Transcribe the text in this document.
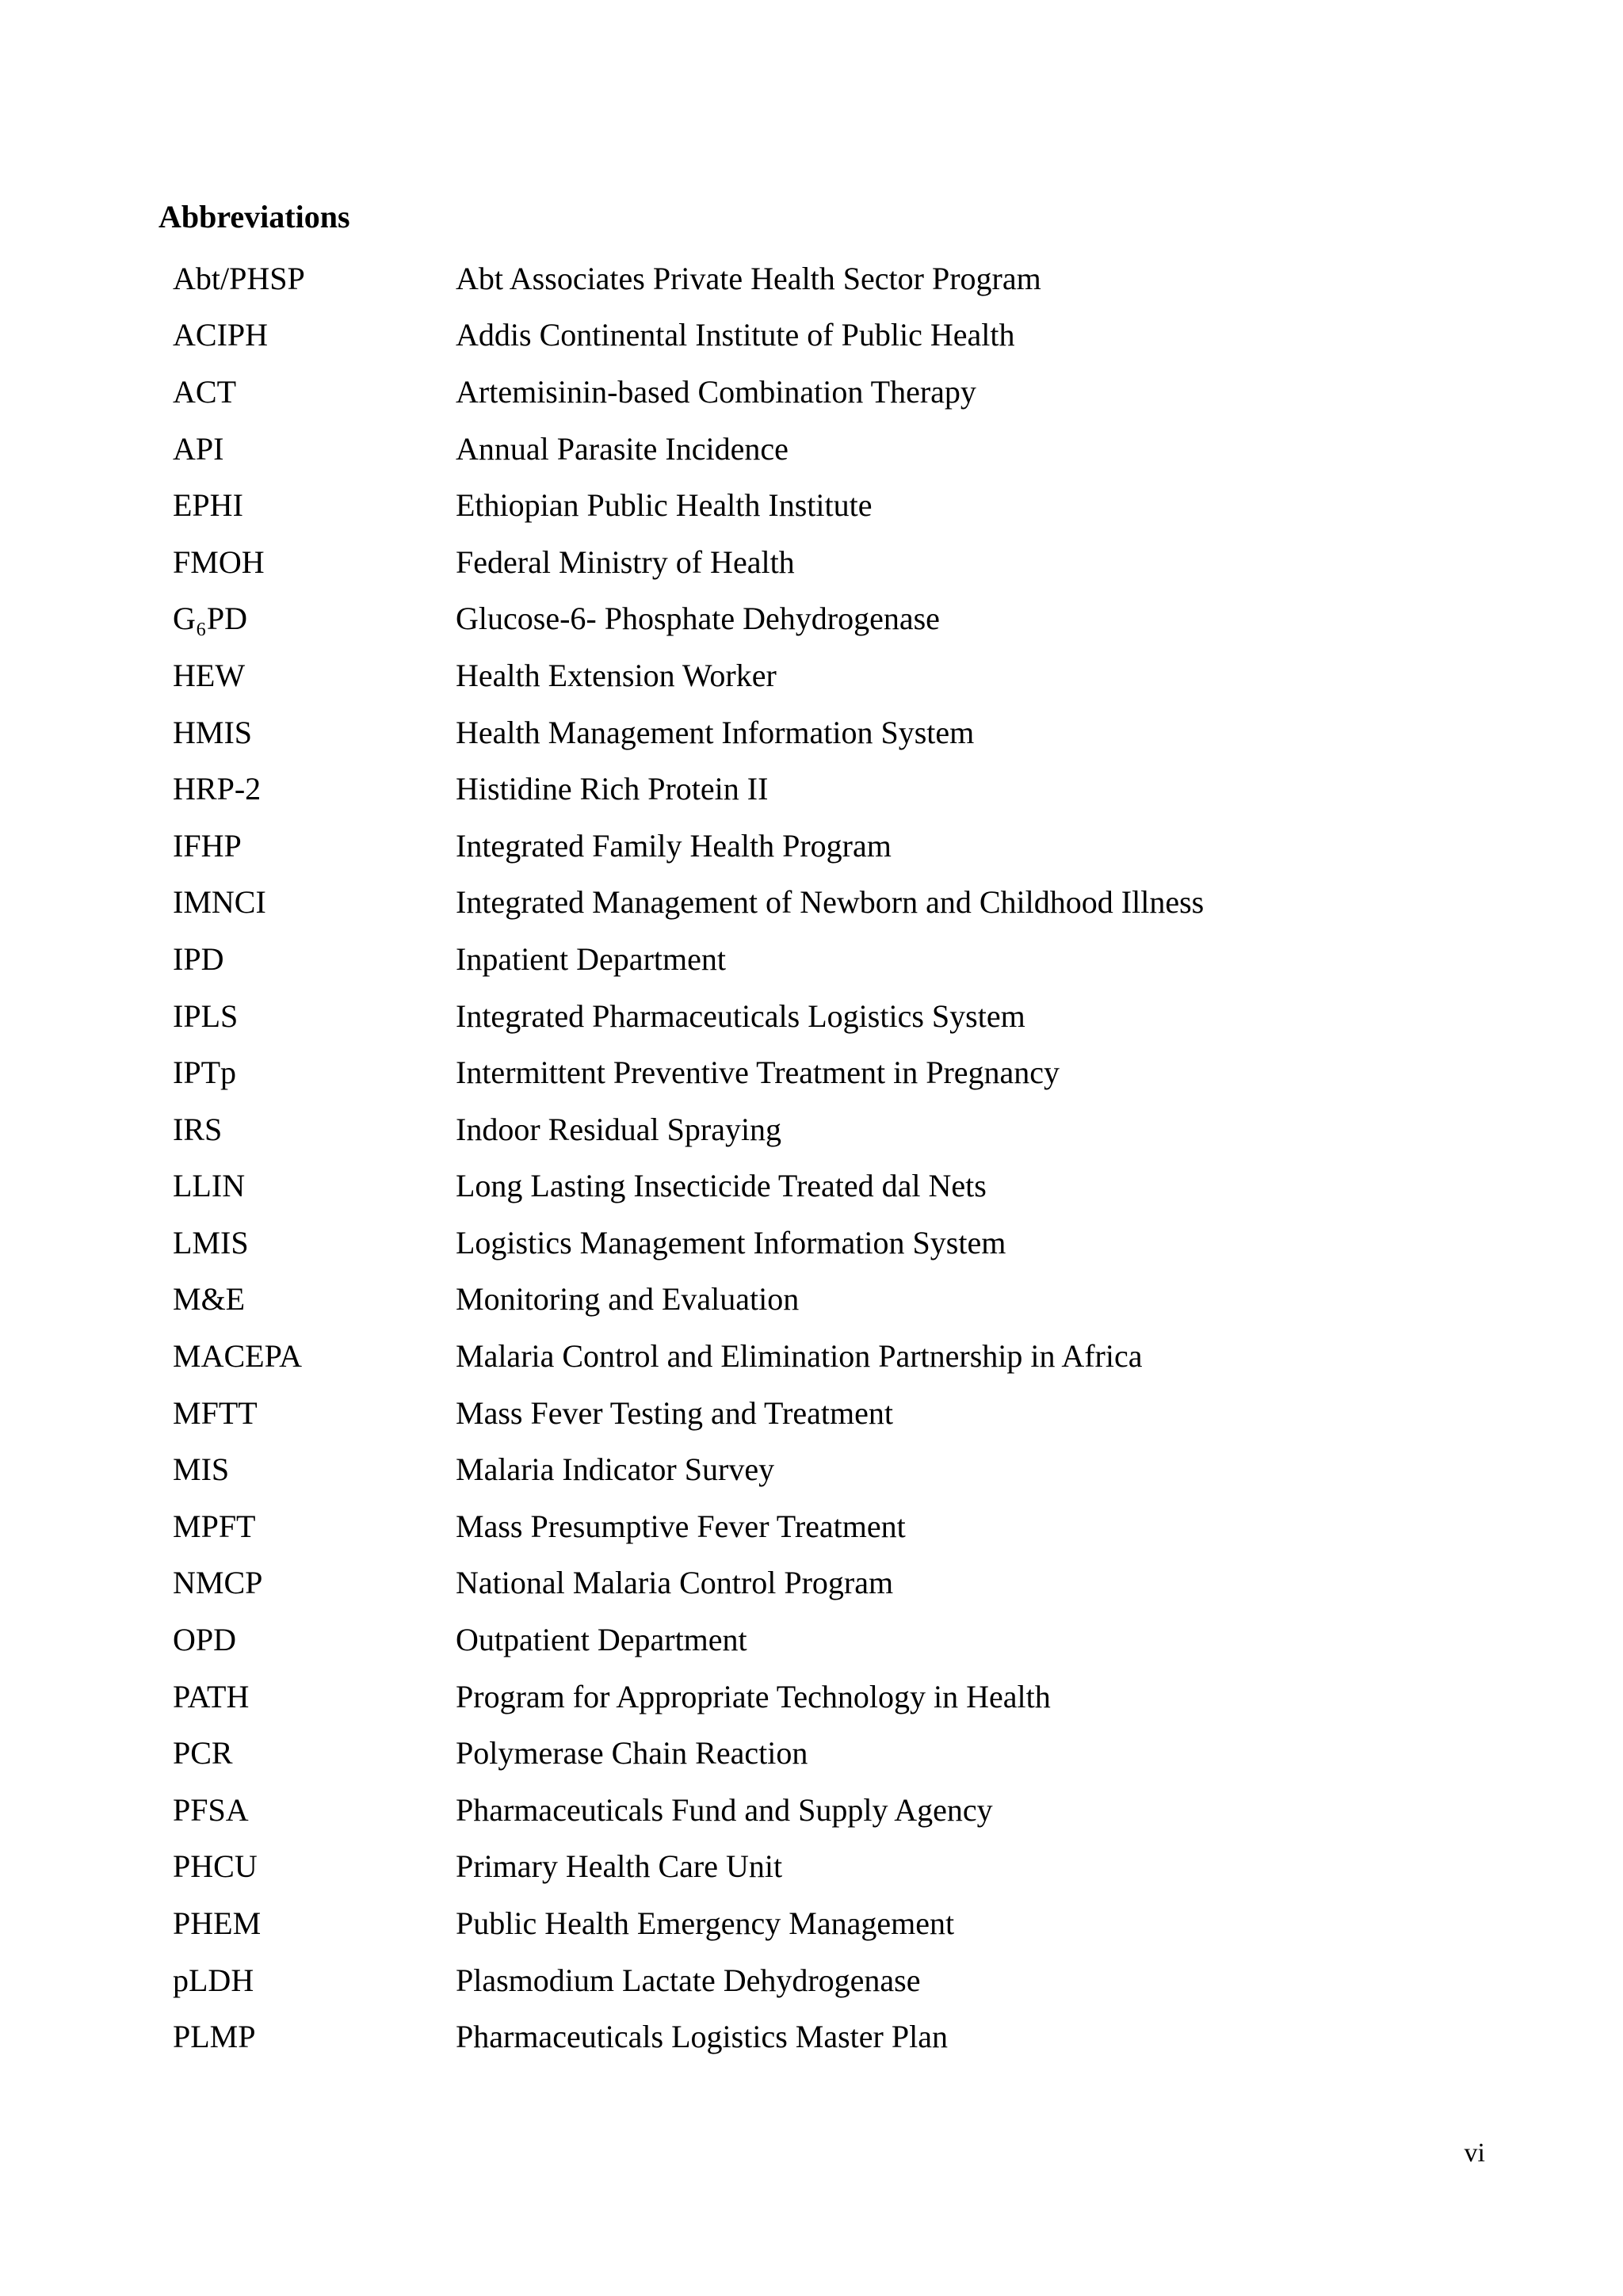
Abbreviations
Abt/PHSP	Abt Associates Private Health Sector Program
ACIPH	Addis Continental Institute of Public Health
ACT	Artemisinin-based Combination Therapy
API	Annual Parasite Incidence
EPHI	Ethiopian Public Health Institute
FMOH	Federal Ministry of Health
G₆PD	Glucose-6- Phosphate Dehydrogenase
HEW	Health Extension Worker
HMIS	Health Management Information System
HRP-2	Histidine Rich Protein II
IFHP	Integrated Family Health Program
IMNCI	Integrated Management of Newborn and Childhood Illness
IPD	Inpatient Department
IPLS	Integrated Pharmaceuticals Logistics System
IPTp	Intermittent Preventive Treatment in Pregnancy
IRS	Indoor Residual Spraying
LLIN	Long Lasting Insecticide Treated dal Nets
LMIS	Logistics Management Information System
M&E	Monitoring and Evaluation
MACEPA	Malaria Control and Elimination Partnership in Africa
MFTT	Mass Fever Testing and Treatment
MIS	Malaria Indicator Survey
MPFT	Mass Presumptive Fever Treatment
NMCP	National Malaria Control Program
OPD	Outpatient Department
PATH	Program for Appropriate Technology in Health
PCR	Polymerase Chain Reaction
PFSA	Pharmaceuticals Fund and Supply Agency
PHCU	Primary Health Care Unit
PHEM	Public Health Emergency Management
pLDH	Plasmodium Lactate Dehydrogenase
PLMP	Pharmaceuticals Logistics Master Plan
vi
